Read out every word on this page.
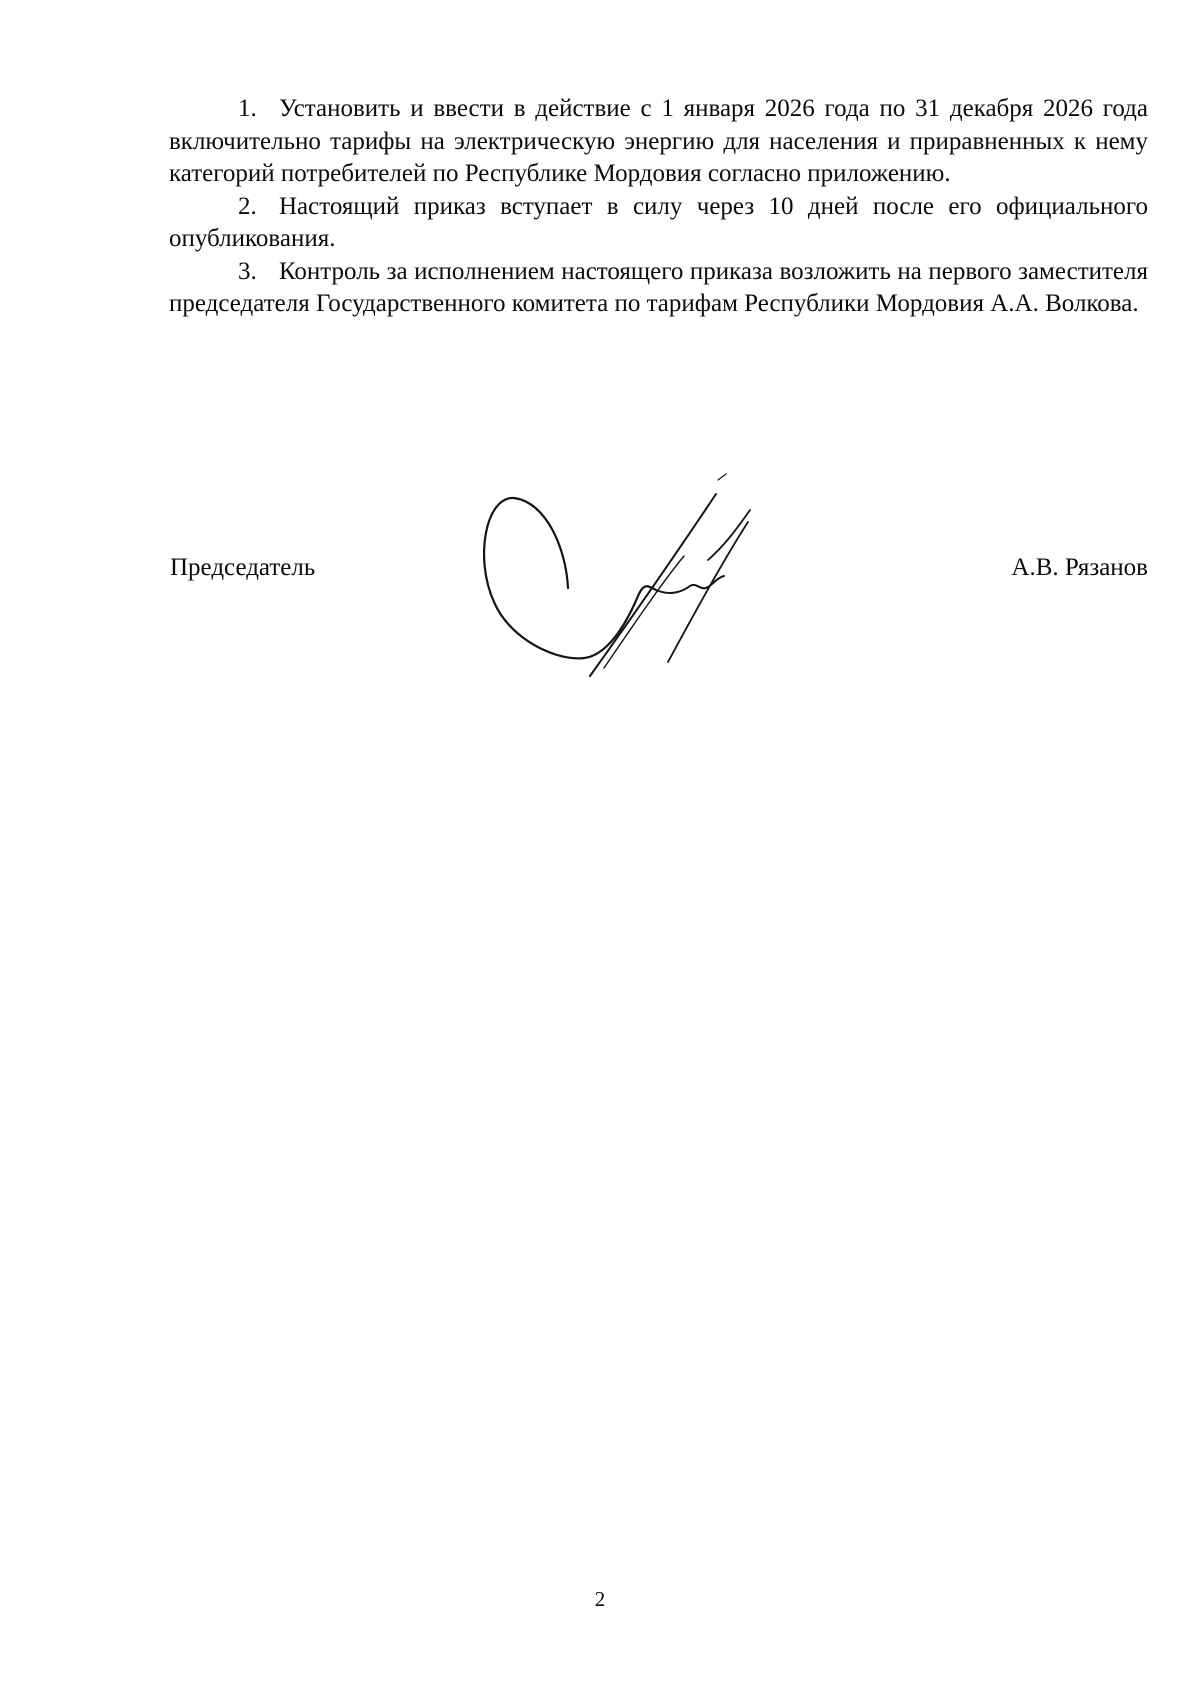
1. Установить и ввести в действие с 1 января 2026 года по 31 декабря 2026 года включительно тарифы на электрическую энергию для населения и приравненных к нему категорий потребителей по Республике Мордовия согласно приложению.

2. Настоящий приказ вступает в силу через 10 дней после его официального опубликования.

3. Контроль за исполнением настоящего приказа возложить на первого заместителя председателя Государственного комитета по тарифам Республики Мордовия А.А. Волкова.

Председатель	А.В. Рязанов
2
